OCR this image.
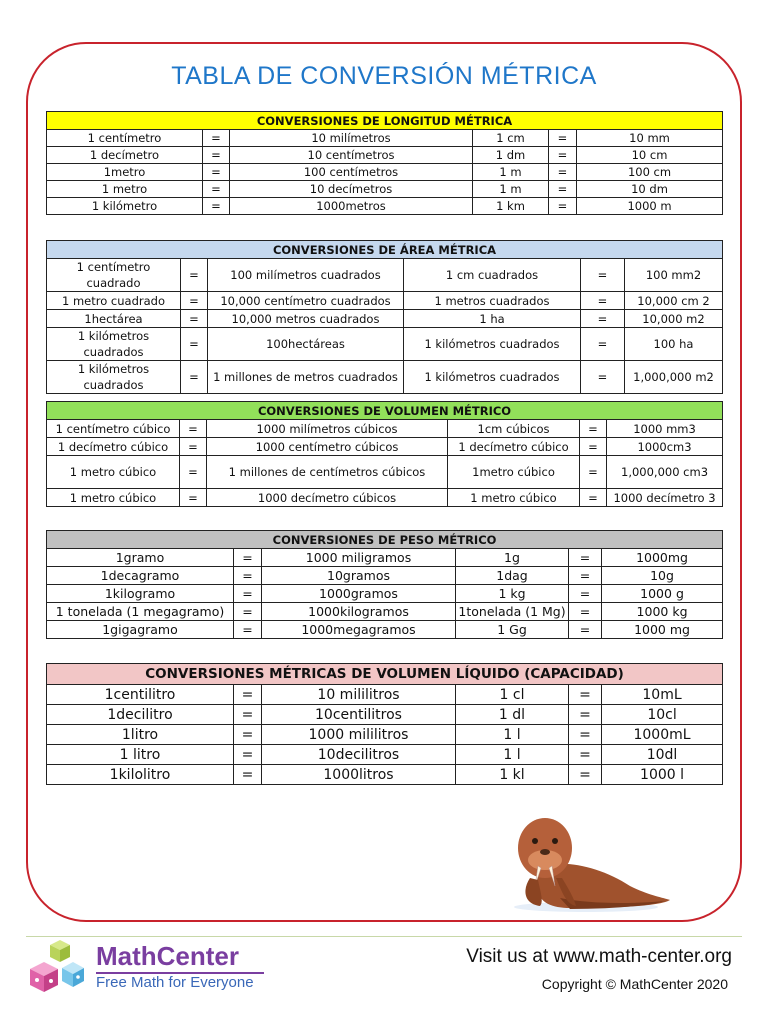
TABLA DE CONVERSIÓN MÉTRICA
CONVERSIONES DE LONGITUD MÉTRICA					
1 centímetro	=	10 milímetros	1 cm	=	10 mm
1 decímetro	=	10 centímetros	1 dm	=	10 cm
1metro	=	100 centímetros	1 m	=	100 cm
1 metro	=	10 decímetros	1 m	=	10 dm
1 kilómetro	=	1000metros	1 km	=	1000 m
CONVERSIONES DE ÁREA MÉTRICA					
1 centímetro cuadrado	=	100 milímetros cuadrados	1 cm cuadrados	=	100 mm2
1 metro cuadrado	=	10,000 centímetro cuadrados	1 metros cuadrados	=	10,000 cm 2
1hectárea	=	10,000 metros cuadrados	1 ha	=	10,000 m2
1 kilómetros cuadrados	=	100hectáreas	1 kilómetros cuadrados	=	100 ha
1 kilómetros cuadrados	=	1 millones de metros cuadrados	1 kilómetros cuadrados	=	1,000,000 m2
CONVERSIONES DE VOLUMEN MÉTRICO					
1 centímetro cúbico	=	1000 milímetros cúbicos	1cm cúbicos	=	1000 mm3
1 decímetro cúbico	=	1000 centímetro cúbicos	1 decímetro cúbico	=	1000cm3
1 metro cúbico	=	1 millones de centímetros cúbicos	1metro cúbico	=	1,000,000 cm3
1 metro cúbico	=	1000 decímetro cúbicos	1 metro cúbico	=	1000 decímetro 3
CONVERSIONES DE PESO MÉTRICO					
1gramo	=	1000 miligramos	1g	=	1000mg
1decagramo	=	10gramos	1dag	=	10g
1kilogramo	=	1000gramos	1 kg	=	1000 g
1 tonelada (1 megagramo)	=	1000kilogramos	1tonelada (1 Mg)	=	1000 kg
1gigagramo	=	1000megagramos	1 Gg	=	1000 mg
CONVERSIONES MÉTRICAS DE VOLUMEN LÍQUIDO (CAPACIDAD)					
1centilitro	=	10 mililitros	1 cl	=	10mL
1decilitro	=	10centilitros	1 dl	=	10cl
1litro	=	1000 mililitros	1 l	=	1000mL
1 litro	=	10decilitros	1 l	=	10dl
1kilolitro	=	1000litros	1 kl	=	1000 l
MathCenter
Free Math for Everyone
Visit us at www.math-center.org
Copyright © MathCenter 2020
